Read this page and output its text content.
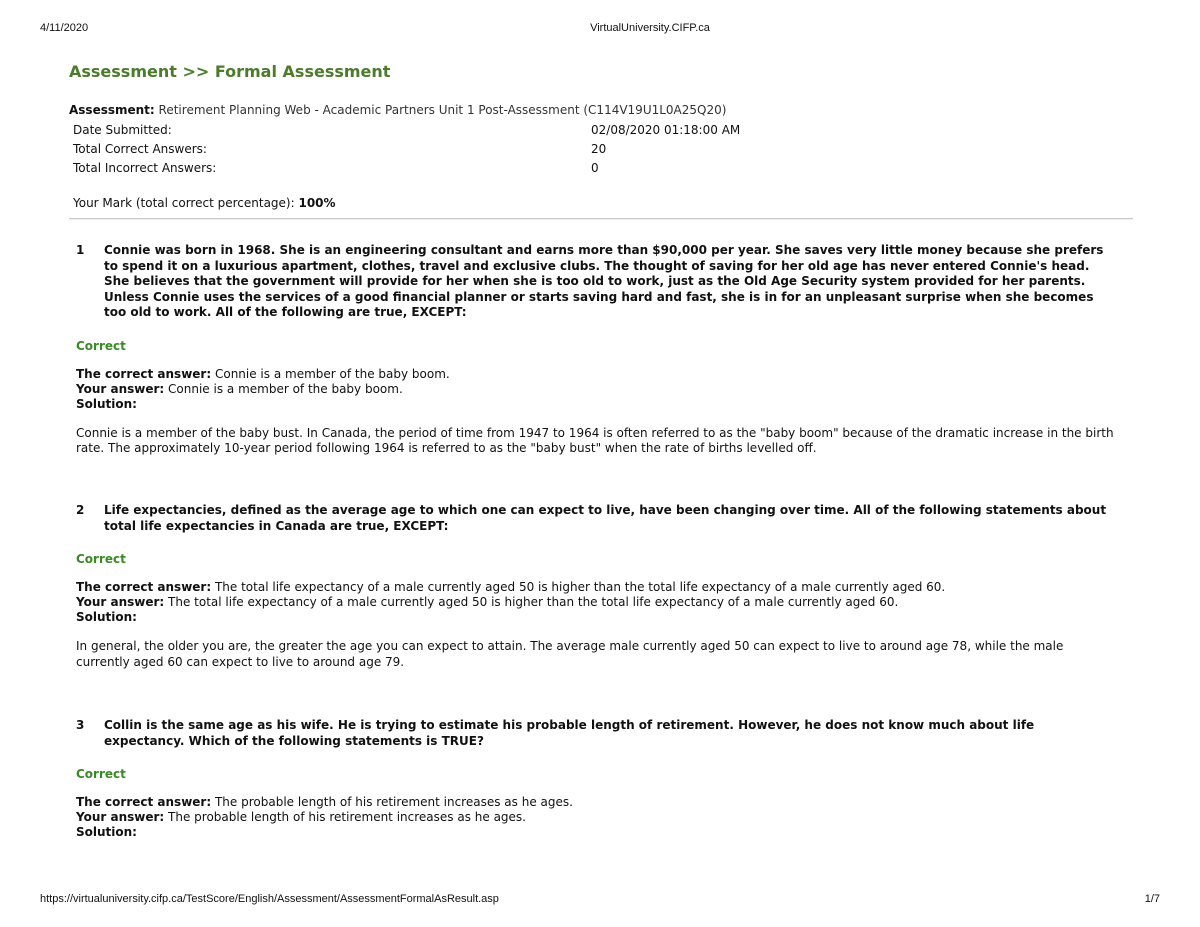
4/11/2020	VirtualUniversity.CIFP.ca
Assessment >> Formal Assessment
Assessment: Retirement Planning Web - Academic Partners Unit 1 Post-Assessment (C114V19U1L0A25Q20)
Date Submitted:	02/08/2020 01:18:00 AM
Total Correct Answers:	20
Total Incorrect Answers:	0
Your Mark (total correct percentage): 100%
1 Connie was born in 1968. She is an engineering consultant and earns more than $90,000 per year. She saves very little money because she prefers to spend it on a luxurious apartment, clothes, travel and exclusive clubs. The thought of saving for her old age has never entered Connie's head. She believes that the government will provide for her when she is too old to work, just as the Old Age Security system provided for her parents. Unless Connie uses the services of a good financial planner or starts saving hard and fast, she is in for an unpleasant surprise when she becomes too old to work. All of the following are true, EXCEPT:
Correct
The correct answer: Connie is a member of the baby boom.
Your answer: Connie is a member of the baby boom.
Solution:
Connie is a member of the baby bust. In Canada, the period of time from 1947 to 1964 is often referred to as the "baby boom" because of the dramatic increase in the birth rate. The approximately 10-year period following 1964 is referred to as the "baby bust" when the rate of births levelled off.
2 Life expectancies, defined as the average age to which one can expect to live, have been changing over time. All of the following statements about total life expectancies in Canada are true, EXCEPT:
Correct
The correct answer: The total life expectancy of a male currently aged 50 is higher than the total life expectancy of a male currently aged 60.
Your answer: The total life expectancy of a male currently aged 50 is higher than the total life expectancy of a male currently aged 60.
Solution:
In general, the older you are, the greater the age you can expect to attain. The average male currently aged 50 can expect to live to around age 78, while the male currently aged 60 can expect to live to around age 79.
3 Collin is the same age as his wife. He is trying to estimate his probable length of retirement. However, he does not know much about life expectancy. Which of the following statements is TRUE?
Correct
The correct answer: The probable length of his retirement increases as he ages.
Your answer: The probable length of his retirement increases as he ages.
Solution:
https://virtualuniversity.cifp.ca/TestScore/English/Assessment/AssessmentFormalAsResult.asp	1/7
